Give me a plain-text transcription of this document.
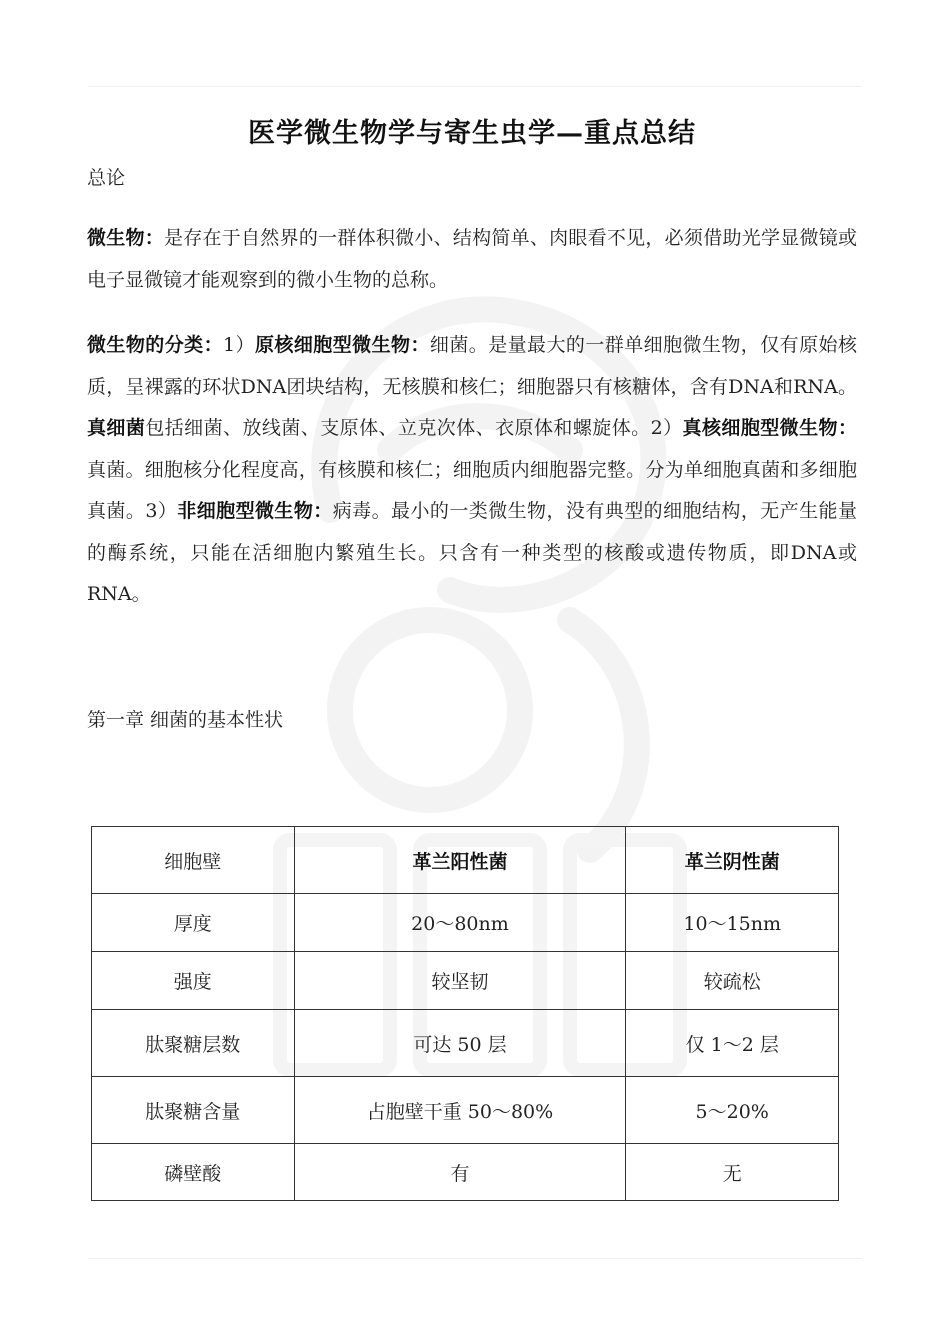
医学微生物学与寄生虫学—重点总结
总论

微生物：是存在于自然界的一群体积微小、结构简单、肉眼看不见，必须借助光学显微镜或电子显微镜才能观察到的微小生物的总称。

微生物的分类：1）原核细胞型微生物：细菌。是量最大的一群单细胞微生物，仅有原始核质，呈裸露的环状DNA团块结构，无核膜和核仁；细胞器只有核糖体，含有DNA和RNA。真细菌包括细菌、放线菌、支原体、立克次体、衣原体和螺旋体。2）真核细胞型微生物：真菌。细胞核分化程度高，有核膜和核仁；细胞质内细胞器完整。分为单细胞真菌和多细胞真菌。3）非细胞型微生物：病毒。最小的一类微生物，没有典型的细胞结构，无产生能量的酶系统，只能在活细胞内繁殖生长。只含有一种类型的核酸或遗传物质，即DNA或RNA。

第一章 细菌的基本性状
细胞壁	革兰阳性菌	革兰阴性菌
厚度	20～80nm	10～15nm
强度	较坚韧	较疏松
肽聚糖层数	可达 50 层	仅 1～2 层
肽聚糖含量	占胞壁干重 50～80%	5～20%
磷壁酸	有	无
